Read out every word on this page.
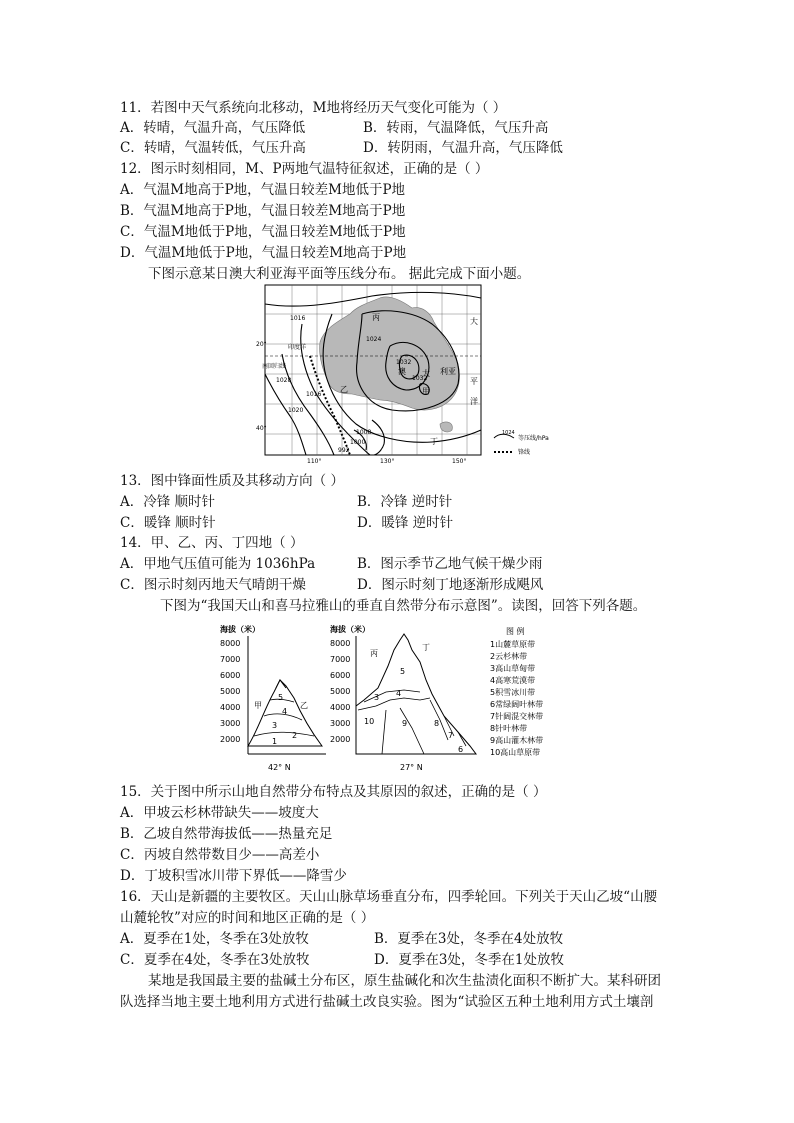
11．若图中天气系统向北移动，M地将经历天气变化可能为（ ）
A．转晴，气温升高，气压降低	B．转雨，气温降低，气压升高
C．转晴，气温转低，气压升高	D．转阴雨，气温升高，气压降低
12．图示时刻相同，M、P两地气温特征叙述，正确的是（ ）
A．气温M地高于P地，气温日较差M地低于P地
B．气温M地高于P地，气温日较差M地高于P地
C．气温M地低于P地，气温日较差M地低于P地
D．气温M地低于P地，气温日较差M地高于P地
下图示意某日澳大利亚海平面等压线分布。 据此完成下面小题。
1016
1024
1032
1032
1028
1020
1016
1008
1000
992
南回归线
印度洋
丙	大
澳 大 利 亚
平
洋
乙	甲
丁
20°
40°
110°	130°	150°
1024
等压线/hPa
锋线
13．图中锋面性质及其移动方向（ ）
A．冷锋 顺时针	B．冷锋 逆时针
C．暖锋 顺时针	D．暖锋 逆时针
14．甲、乙、丙、丁四地（ ）
A．甲地气压值可能为 1036hPa	B．图示季节乙地气候干燥少雨
C．图示时刻丙地天气晴朗干燥	D．图示时刻丁地逐渐形成飓风
下图为“我国天山和喜马拉雅山的垂直自然带分布示意图”。读图，回答下列各题。
海拔（米）	海拔（米）
8000
7000
6000
5000
4000
3000
2000
8000
7000
6000
5000
4000
3000
2000
甲	乙
1
2
3
4
5
42° N
丙
丁
5
4
3
10	9	8
7
6
27° N
图 例
1山麓草原带
2云杉林带
3高山草甸带
4高寒荒漠带
5积雪冰川带
6常绿阔叶林带
7针阔混交林带
8针叶林带
9高山灌木林带
10高山草原带
15．关于图中所示山地自然带分布特点及其原因的叙述，正确的是（ ）
A．甲坡云杉林带缺失——坡度大
B．乙坡自然带海拔低——热量充足
C．丙坡自然带数目少——高差小
D．丁坡积雪冰川带下界低——降雪少
16．天山是新疆的主要牧区。天山山脉草场垂直分布，四季轮回。下列关于天山乙坡“山腰
山麓轮牧”对应的时间和地区正确的是（ ）
A．夏季在1处，冬季在3处放牧	B．夏季在3处，冬季在4处放牧
C．夏季在4处，冬季在3处放牧	D．夏季在3处，冬季在1处放牧
某地是我国最主要的盐碱土分布区，原生盐碱化和次生盐渍化面积不断扩大。某科研团
队选择当地主要土地利用方式进行盐碱土改良实验。图为“试验区五种土地利用方式土壤剖
